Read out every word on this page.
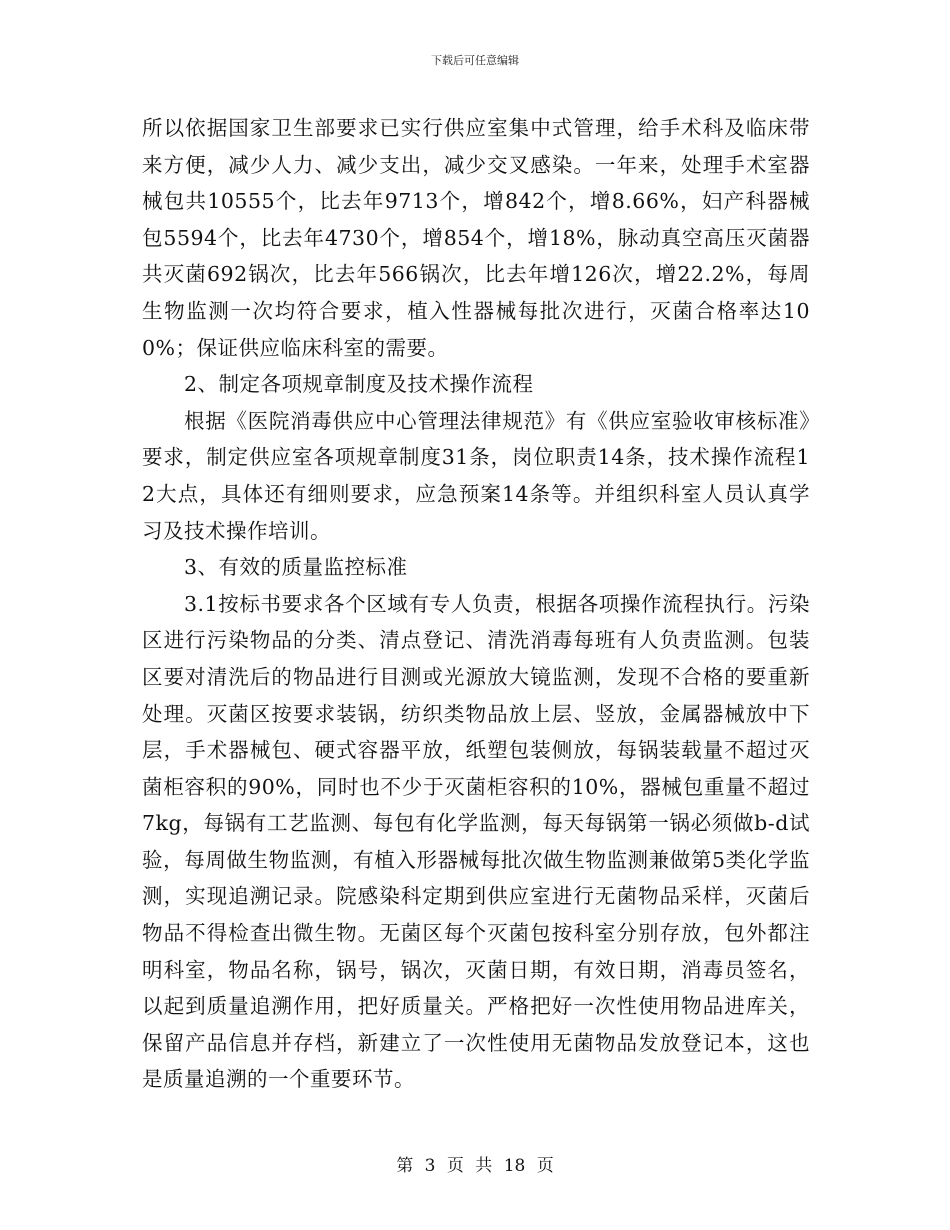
下载后可任意编辑

所以依据国家卫生部要求已实行供应室集中式管理，给手术科及临床带来方便，减少人力、减少支出，减少交叉感染。一年来，处理手术室器械包共10555个，比去年9713个，增842个，增8.66%，妇产科器械包5594个，比去年4730个，增854个，增18%，脉动真空高压灭菌器共灭菌692锅次，比去年566锅次，比去年增126次，增22.2%，每周生物监测一次均符合要求，植入性器械每批次进行，灭菌合格率达100%；保证供应临床科室的需要。

2、制定各项规章制度及技术操作流程

根据《医院消毒供应中心管理法律规范》有《供应室验收审核标准》要求，制定供应室各项规章制度31条，岗位职责14条，技术操作流程12大点，具体还有细则要求，应急预案14条等。并组织科室人员认真学习及技术操作培训。

3、有效的质量监控标准

3.1按标书要求各个区域有专人负责，根据各项操作流程执行。污染区进行污染物品的分类、清点登记、清洗消毒每班有人负责监测。包装区要对清洗后的物品进行目测或光源放大镜监测，发现不合格的要重新处理。灭菌区按要求装锅，纺织类物品放上层、竖放，金属器械放中下层，手术器械包、硬式容器平放，纸塑包装侧放，每锅装载量不超过灭菌柜容积的90%，同时也不少于灭菌柜容积的10%，器械包重量不超过7kg，每锅有工艺监测、每包有化学监测，每天每锅第一锅必须做b-d试验，每周做生物监测，有植入形器械每批次做生物监测兼做第5类化学监测，实现追溯记录。院感染科定期到供应室进行无菌物品采样，灭菌后物品不得检查出微生物。无菌区每个灭菌包按科室分别存放，包外都注明科室，物品名称，锅号，锅次，灭菌日期，有效日期，消毒员签名，以起到质量追溯作用，把好质量关。严格把好一次性使用物品进库关，保留产品信息并存档，新建立了一次性使用无菌物品发放登记本，这也是质量追溯的一个重要环节。

第 3 页 共 18 页
